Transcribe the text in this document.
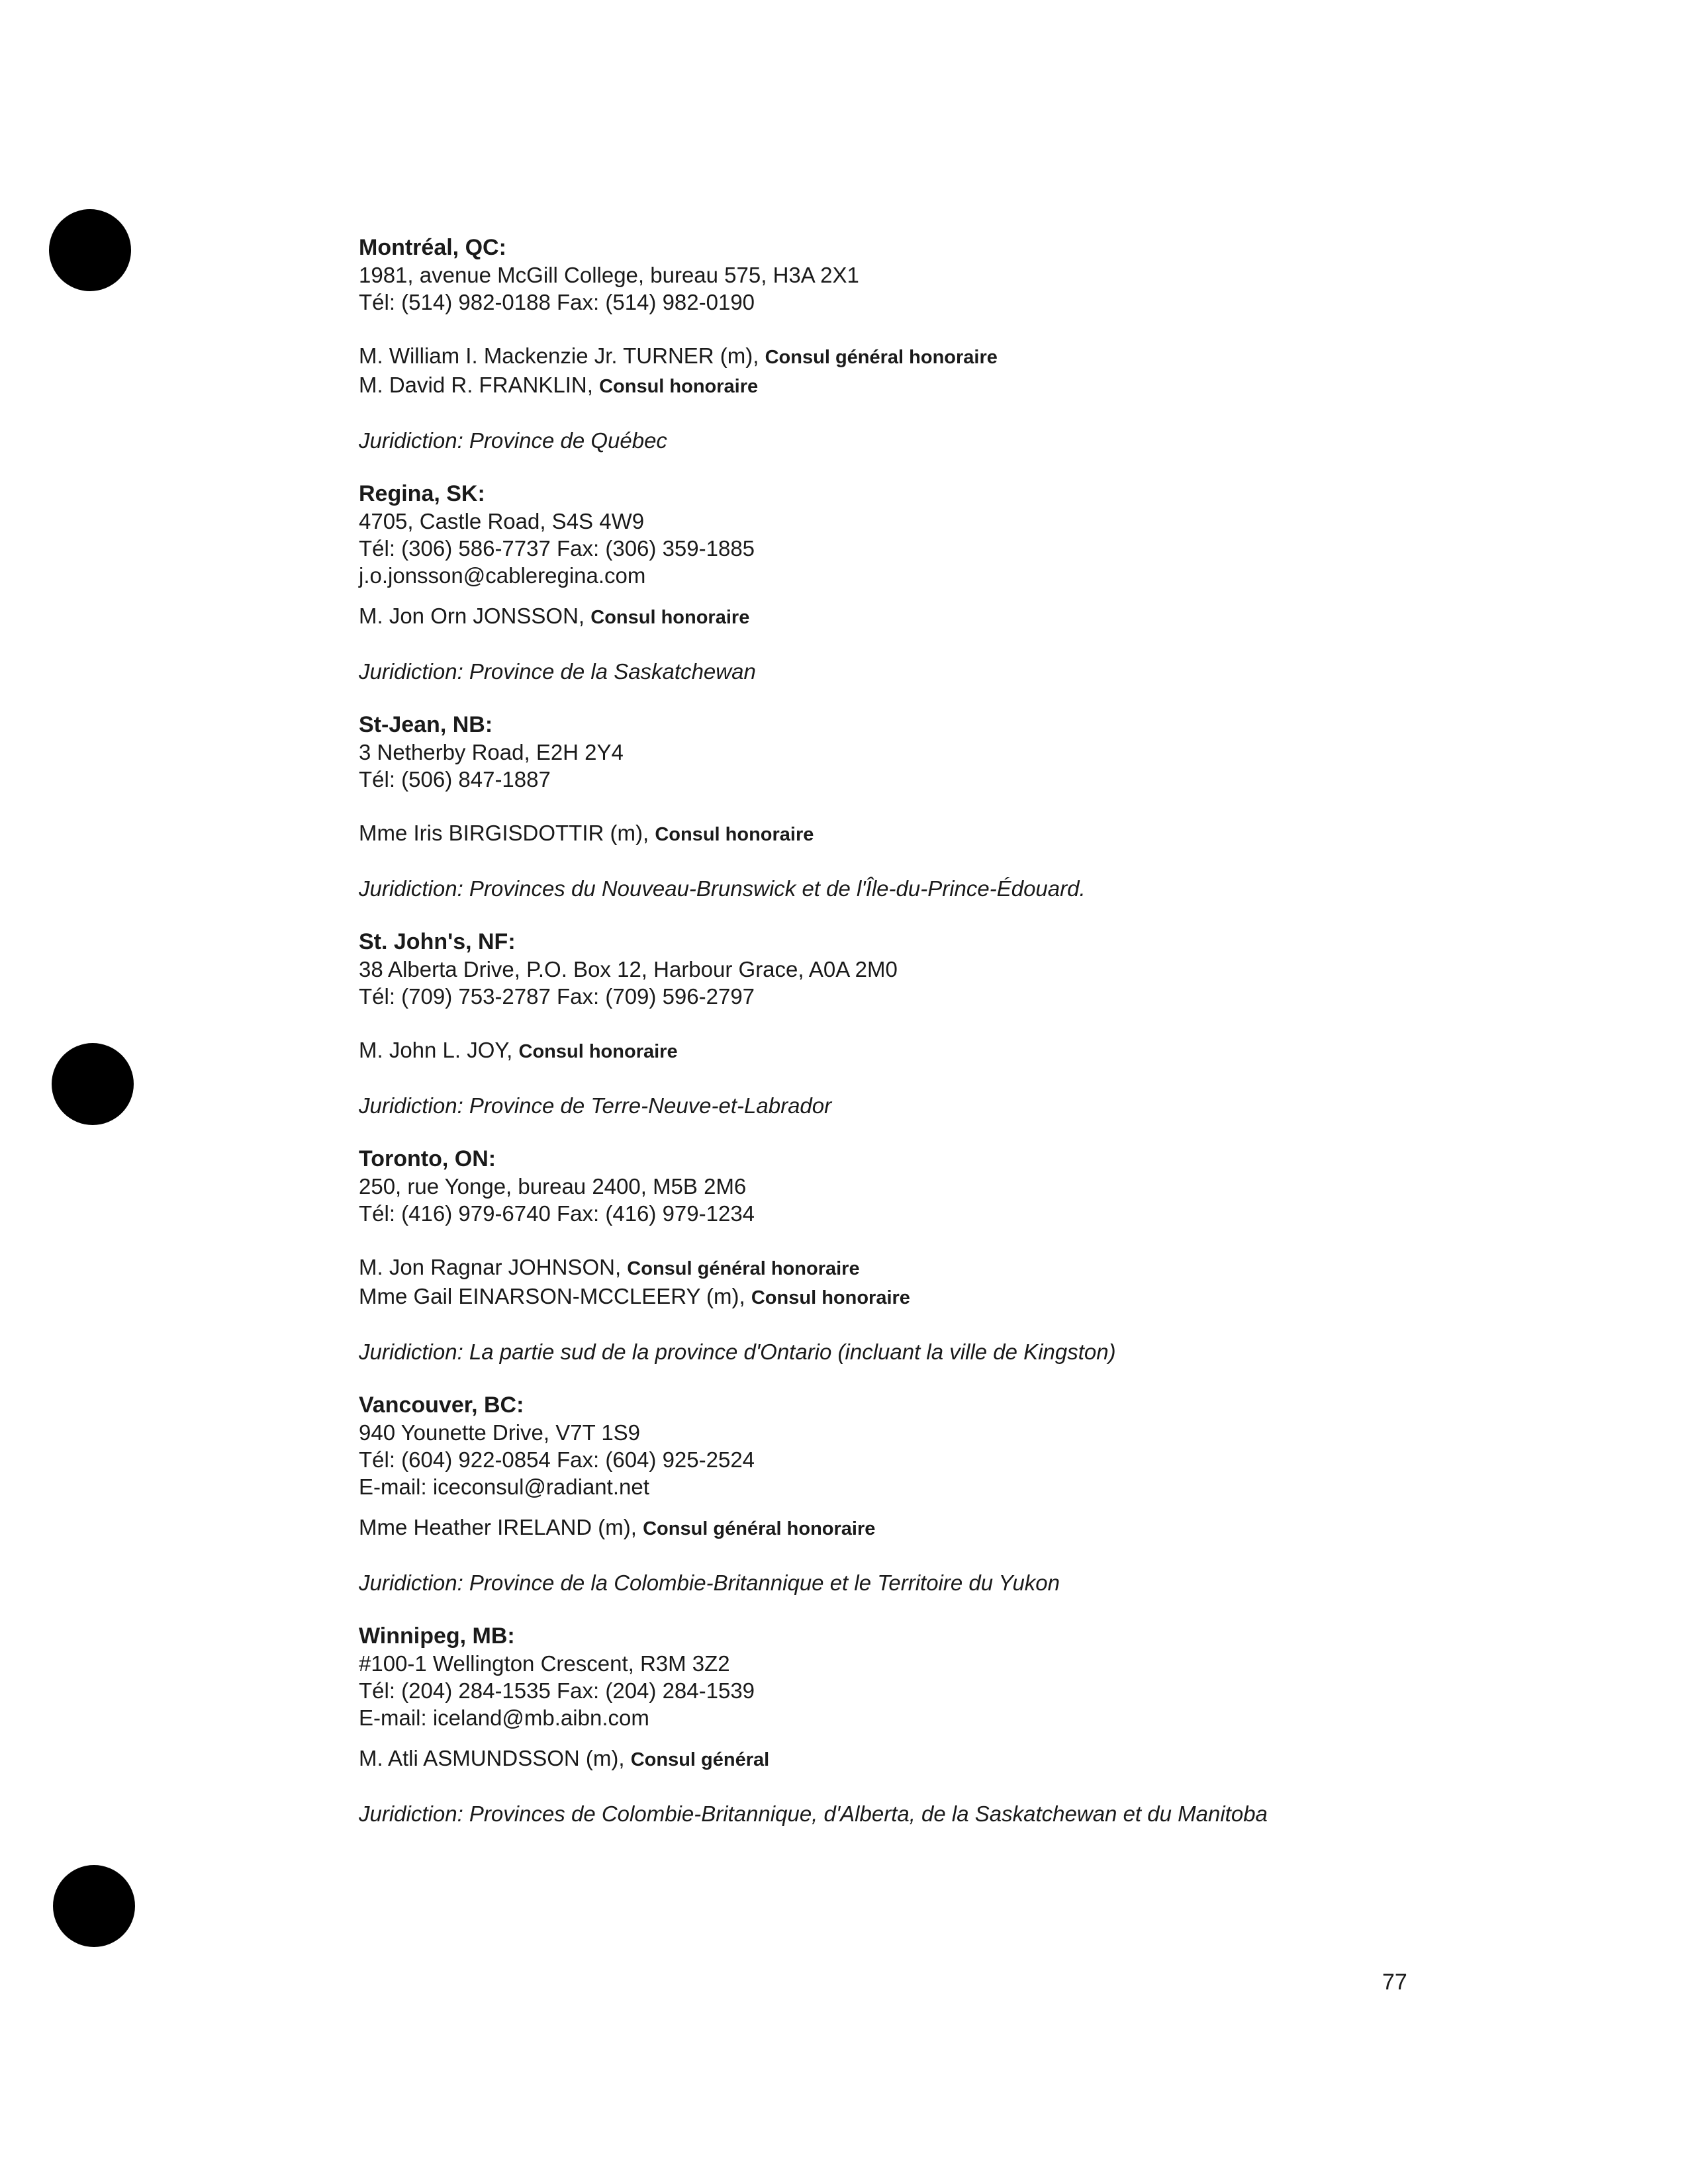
Montréal, QC:
1981, avenue McGill College, bureau 575, H3A 2X1
Tél: (514) 982-0188 Fax: (514) 982-0190
M. William I. Mackenzie Jr. TURNER (m), Consul général honoraire
M. David R. FRANKLIN, Consul honoraire
Juridiction: Province de Québec
Regina, SK:
4705, Castle Road, S4S 4W9
Tél: (306) 586-7737 Fax: (306) 359-1885
j.o.jonsson@cableregina.com
M. Jon Orn JONSSON, Consul honoraire
Juridiction: Province de la Saskatchewan
St-Jean, NB:
3 Netherby Road, E2H 2Y4
Tél: (506) 847-1887
Mme Iris BIRGISDOTTIR (m), Consul honoraire
Juridiction: Provinces du Nouveau-Brunswick et de l'Île-du-Prince-Édouard.
St. John's, NF:
38 Alberta Drive, P.O. Box 12, Harbour Grace, A0A 2M0
Tél: (709) 753-2787 Fax: (709) 596-2797
M. John L. JOY, Consul honoraire
Juridiction: Province de Terre-Neuve-et-Labrador
Toronto, ON:
250, rue Yonge, bureau 2400, M5B 2M6
Tél: (416) 979-6740 Fax: (416) 979-1234
M. Jon Ragnar JOHNSON, Consul général honoraire
Mme Gail EINARSON-MCCLEERY (m), Consul honoraire
Juridiction: La partie sud de la province d'Ontario (incluant la ville de Kingston)
Vancouver, BC:
940 Younette Drive, V7T 1S9
Tél: (604) 922-0854 Fax: (604) 925-2524
E-mail: iceconsul@radiant.net
Mme Heather IRELAND (m), Consul général honoraire
Juridiction: Province de la Colombie-Britannique et le Territoire du Yukon
Winnipeg, MB:
#100-1 Wellington Crescent, R3M 3Z2
Tél: (204) 284-1535 Fax: (204) 284-1539
E-mail: iceland@mb.aibn.com
M. Atli ASMUNDSSON (m), Consul général
Juridiction: Provinces de Colombie-Britannique, d'Alberta, de la Saskatchewan et du Manitoba
77
